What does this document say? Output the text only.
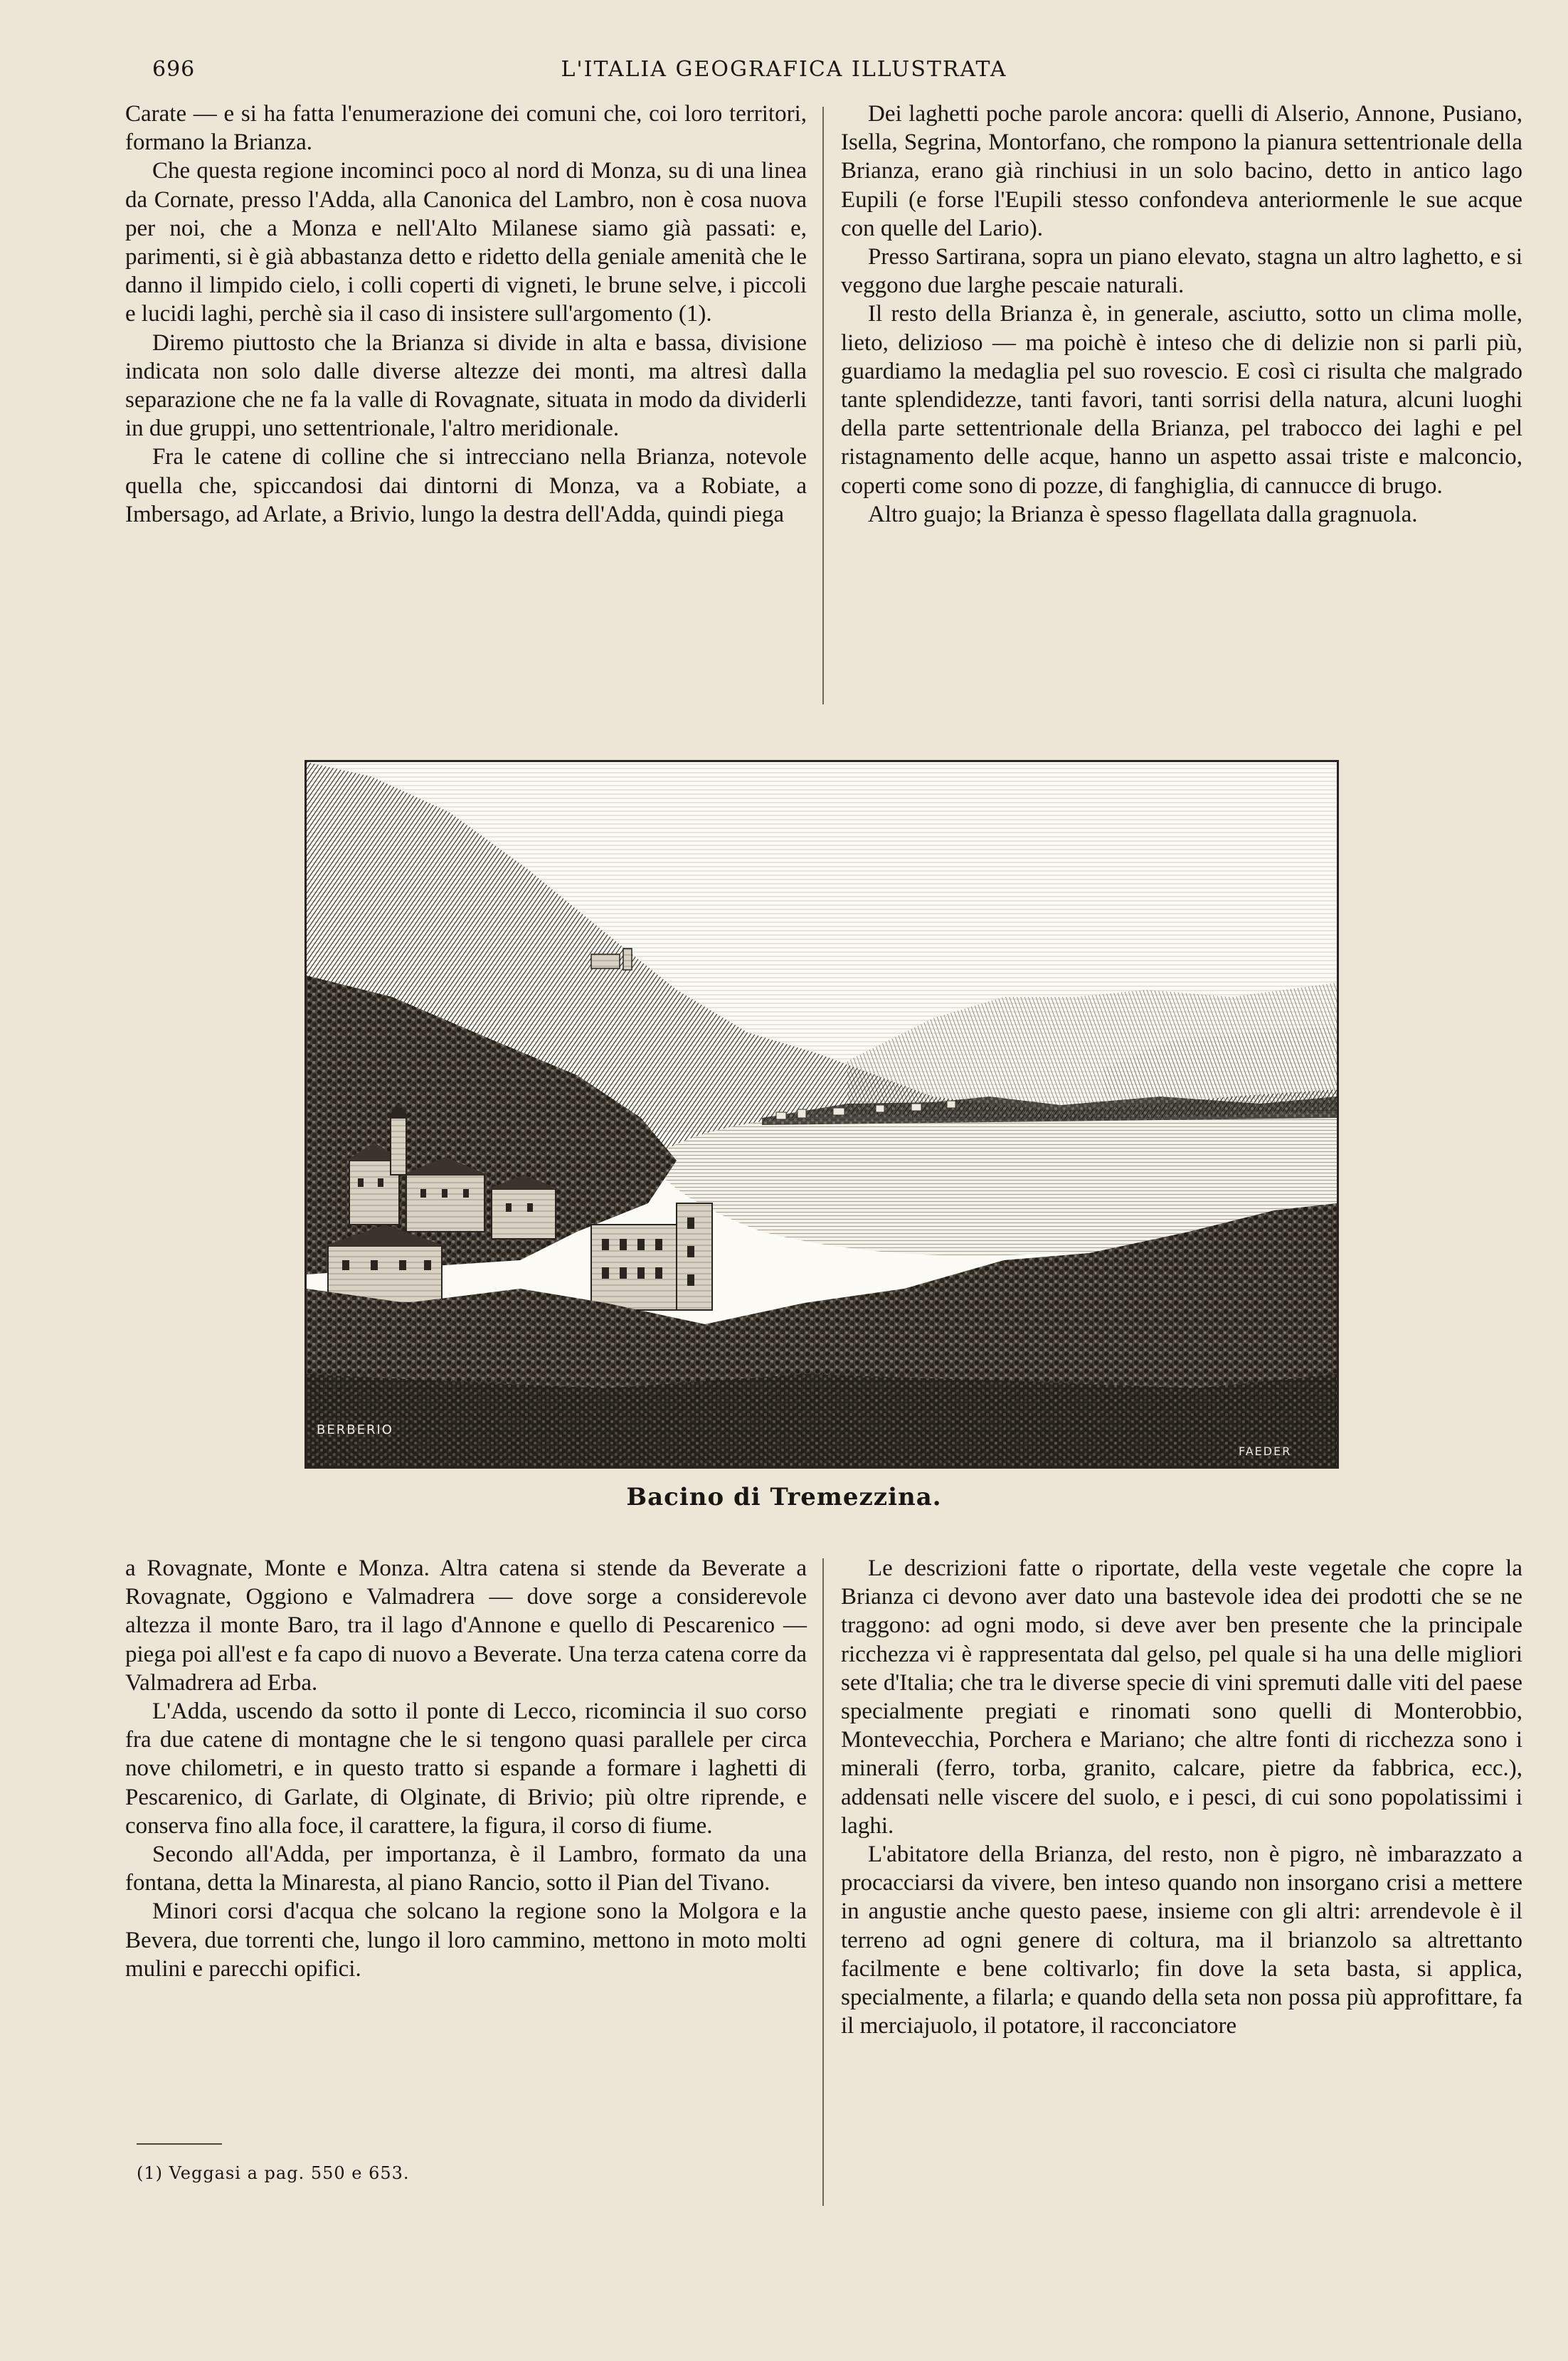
696	L'ITALIA GEOGRAFICA ILLUSTRATA

Carate — e si ha fatta l'enumerazione dei comuni che, coi loro territori, formano la Brianza.

Che questa regione incominci poco al nord di Monza, su di una linea da Cornate, presso l'Adda, alla Canonica del Lambro, non è cosa nuova per noi, che a Monza e nell'Alto Milanese siamo già passati: e, parimenti, si è già abbastanza detto e ridetto della geniale amenità che le danno il limpido cielo, i colli coperti di vigneti, le brune selve, i piccoli e lucidi laghi, perchè sia il caso di insistere sull'argomento (1).

Diremo piuttosto che la Brianza si divide in alta e bassa, divisione indicata non solo dalle diverse altezze dei monti, ma altresì dalla separazione che ne fa la valle di Rovagnate, situata in modo da dividerli in due gruppi, uno settentrionale, l'altro meridionale.

Fra le catene di colline che si intrecciano nella Brianza, notevole quella che, spiccandosi dai dintorni di Monza, va a Robiate, a Imbersago, ad Arlate, a Brivio, lungo la destra dell'Adda, quindi piega

Dei laghetti poche parole ancora: quelli di Alserio, Annone, Pusiano, Isella, Segrina, Montorfano, che rompono la pianura settentrionale della Brianza, erano già rinchiusi in un solo bacino, detto in antico lago Eupili (e forse l'Eupili stesso confondeva anteriormenle le sue acque con quelle del Lario).

Presso Sartirana, sopra un piano elevato, stagna un altro laghetto, e si veggono due larghe pescaie naturali.

Il resto della Brianza è, in generale, asciutto, sotto un clima molle, lieto, delizioso — ma poichè è inteso che di delizie non si parli più, guardiamo la medaglia pel suo rovescio. E così ci risulta che malgrado tante splendidezze, tanti favori, tanti sorrisi della natura, alcuni luoghi della parte settentrionale della Brianza, pel trabocco dei laghi e pel ristagnamento delle acque, hanno un aspetto assai triste e malconcio, coperti come sono di pozze, di fanghiglia, di cannucce di brugo.

Altro guajo; la Brianza è spesso flagellata dalla gragnuola.

BERBERIO
FAEDER
Bacino di Tremezzina.

a Rovagnate, Monte e Monza. Altra catena si stende da Beverate a Rovagnate, Oggiono e Valmadrera — dove sorge a considerevole altezza il monte Baro, tra il lago d'Annone e quello di Pescarenico — piega poi all'est e fa capo di nuovo a Beverate. Una terza catena corre da Valmadrera ad Erba.

L'Adda, uscendo da sotto il ponte di Lecco, ricomincia il suo corso fra due catene di montagne che le si tengono quasi parallele per circa nove chilometri, e in questo tratto si espande a formare i laghetti di Pescarenico, di Garlate, di Olginate, di Brivio; più oltre riprende, e conserva fino alla foce, il carattere, la figura, il corso di fiume.

Secondo all'Adda, per importanza, è il Lambro, formato da una fontana, detta la Minaresta, al piano Rancio, sotto il Pian del Tivano.

Minori corsi d'acqua che solcano la regione sono la Molgora e la Bevera, due torrenti che, lungo il loro cammino, mettono in moto molti mulini e parecchi opifici.

Le descrizioni fatte o riportate, della veste vegetale che copre la Brianza ci devono aver dato una bastevole idea dei prodotti che se ne traggono: ad ogni modo, si deve aver ben presente che la principale ricchezza vi è rappresentata dal gelso, pel quale si ha una delle migliori sete d'Italia; che tra le diverse specie di vini spremuti dalle viti del paese specialmente pregiati e rinomati sono quelli di Monterobbio, Montevecchia, Porchera e Mariano; che altre fonti di ricchezza sono i minerali (ferro, torba, granito, calcare, pietre da fabbrica, ecc.), addensati nelle viscere del suolo, e i pesci, di cui sono popolatissimi i laghi.

L'abitatore della Brianza, del resto, non è pigro, nè imbarazzato a procacciarsi da vivere, ben inteso quando non insorgano crisi a mettere in angustie anche questo paese, insieme con gli altri: arrendevole è il terreno ad ogni genere di coltura, ma il brianzolo sa altrettanto facilmente e bene coltivarlo; fin dove la seta basta, si applica, specialmente, a filarla; e quando della seta non possa più approfittare, fa il merciajuolo, il potatore, il racconciatore

(1) Veggasi a pag. 550 e 653.
